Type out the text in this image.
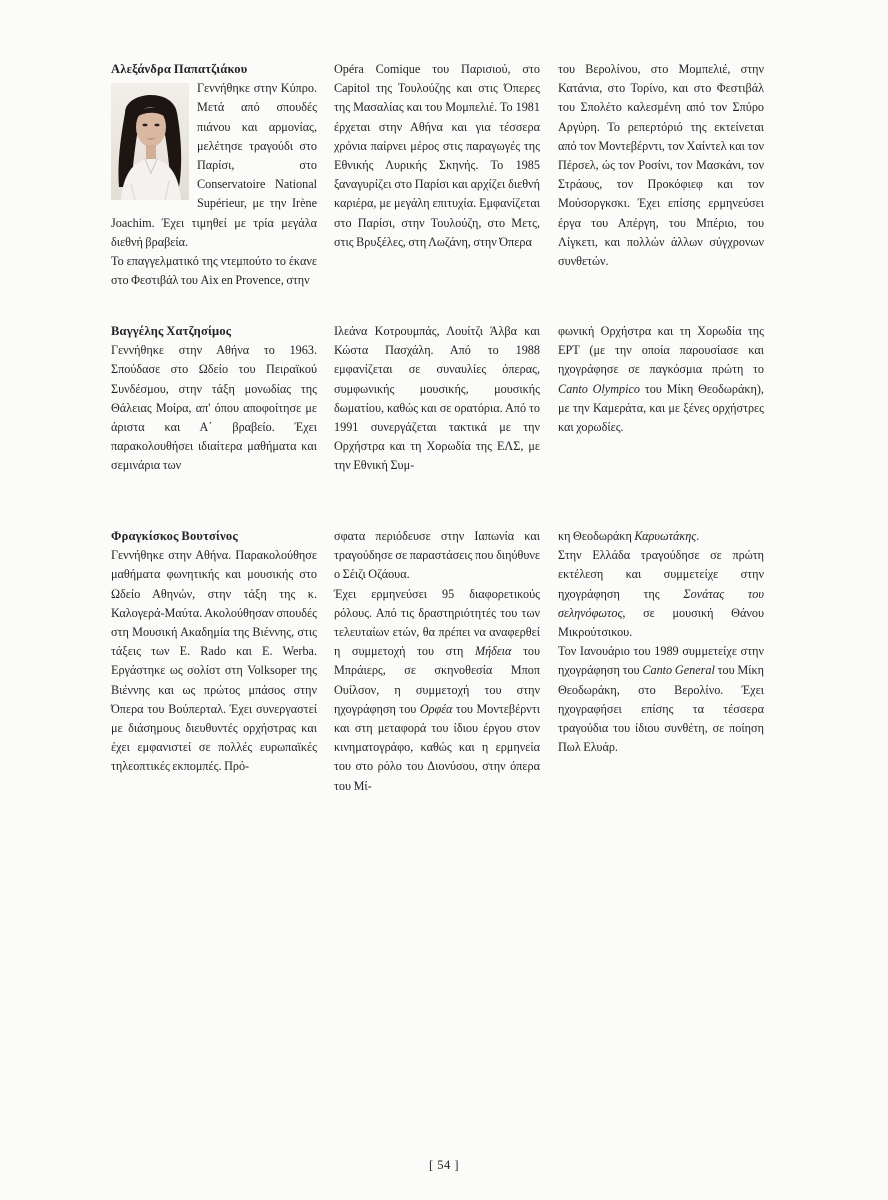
Αλεξάνδρα Παπατζιάκου

Γεννήθηκε στην Κύπρο. Μετά από σπουδές πιάνου και αρμονίας, μελέτησε τραγούδι στο Παρίσι, στο Conservatoire National Supérieur, με την Irène Joachim. Έχει τιμηθεί με τρία μεγάλα διεθνή βραβεία.

Το επαγγελματικό της ντεμπούτο το έκανε στο Φεστιβάλ του Aix en Provence, στην

Opéra Comique του Παρισιού, στο Capitol της Τουλούζης και στις Όπερες της Μασαλίας και του Μομπελιέ. Το 1981 έρχεται στην Αθήνα και για τέσσερα χρόνια παίρνει μέρος στις παραγωγές της Εθνικής Λυρικής Σκηνής. Το 1985 ξαναγυρίζει στο Παρίσι και αρχίζει διεθνή καριέρα, με μεγάλη επιτυχία. Εμφανίζεται στο Παρίσι, στην Τουλούζη, στο Μετς, στις Βρυξέλες, στη Λωζάνη, στην Όπερα

του Βερολίνου, στο Μομπελιέ, στην Κατάνια, στο Τορίνο, και στο Φεστιβάλ του Σπολέτο καλεσμένη από τον Σπύρο Αργύρη. Το ρεπερτόριό της εκτείνεται από τον Μοντεβέρντι, τον Χαίντελ και τον Πέρσελ, ώς τον Ροσίνι, τον Μασκάνι, τον Στράους, τον Προκόφιεφ και τον Μούσοργκσκι. Έχει επίσης ερμηνεύσει έργα του Απέργη, του Μπέριο, του Λίγκετι, και πολλών άλλων σύγχρονων συνθετών.

Βαγγέλης Χατζησίμος

Γεννήθηκε στην Αθήνα το 1963. Σπούδασε στο Ωδείο του Πειραϊκού Συνδέσμου, στην τάξη μονωδίας της Θάλειας Μοίρα, απ' όπου αποφοίτησε με άριστα και Α΄ βραβείο. Έχει παρακολουθήσει ιδιαίτερα μαθήματα και σεμινάρια των

Ιλεάνα Κοτρουμπάς, Λουίτζι Άλβα και Κώστα Πασχάλη. Από το 1988 εμφανίζεται σε συναυλίες όπερας, συμφωνικής μουσικής, μουσικής δωματίου, καθώς και σε ορατόρια. Από το 1991 συνεργάζεται τακτικά με την Ορχήστρα και τη Χορωδία της ΕΛΣ, με την Εθνική Συμ-

φωνική Ορχήστρα και τη Χορωδία της ΕΡΤ (με την οποία παρουσίασε και ηχογράφησε σε παγκόσμια πρώτη το Canto Olympico του Μίκη Θεοδωράκη), με την Καμεράτα, και με ξένες ορχήστρες και χορωδίες.

Φραγκίσκος Βουτσίνος

Γεννήθηκε στην Αθήνα. Παρακολούθησε μαθήματα φωνητικής και μουσικής στο Ωδείο Αθηνών, στην τάξη της κ. Καλογερά-Μαύτα. Ακολούθησαν σπουδές στη Μουσική Ακαδημία της Βιέννης, στις τάξεις των E. Rado και E. Werba. Εργάστηκε ως σολίστ στη Volksoper της Βιέννης και ως πρώτος μπάσος στην Όπερα του Βούπερταλ. Έχει συνεργαστεί με διάσημους διευθυντές ορχήστρας και έχει εμφανιστεί σε πολλές ευρωπαϊκές τηλεοπτικές εκπομπές. Πρό-

σφατα περιόδευσε στην Ιαπωνία και τραγούδησε σε παραστάσεις που διηύθυνε ο Σέιζι Οζάουα.

Έχει ερμηνεύσει 95 διαφορετικούς ρόλους. Από τις δραστηριότητές του των τελευταίων ετών, θα πρέπει να αναφερθεί η συμμετοχή του στη Μήδεια του Μπράιερς, σε σκηνοθεσία Μποπ Ουίλσον, η συμμετοχή του στην ηχογράφηση του Ορφέα του Μοντεβέρντι και στη μεταφορά του ίδιου έργου στον κινηματογράφο, καθώς και η ερμηνεία του στο ρόλο του Διονύσου, στην όπερα του Μί-

κη Θεοδωράκη Καρυωτάκης.

Στην Ελλάδα τραγούδησε σε πρώτη εκτέλεση και συμμετείχε στην ηχογράφηση της Σονάτας του σεληνόφωτος, σε μουσική Θάνου Μικρούτσικου.

Τον Ιανουάριο του 1989 συμμετείχε στην ηχογράφηση του Canto General του Μίκη Θεοδωράκη, στο Βερολίνο. Έχει ηχογραφήσει επίσης τα τέσσερα τραγούδια του ίδιου συνθέτη, σε ποίηση Πωλ Ελυάρ.

[ 54 ]
